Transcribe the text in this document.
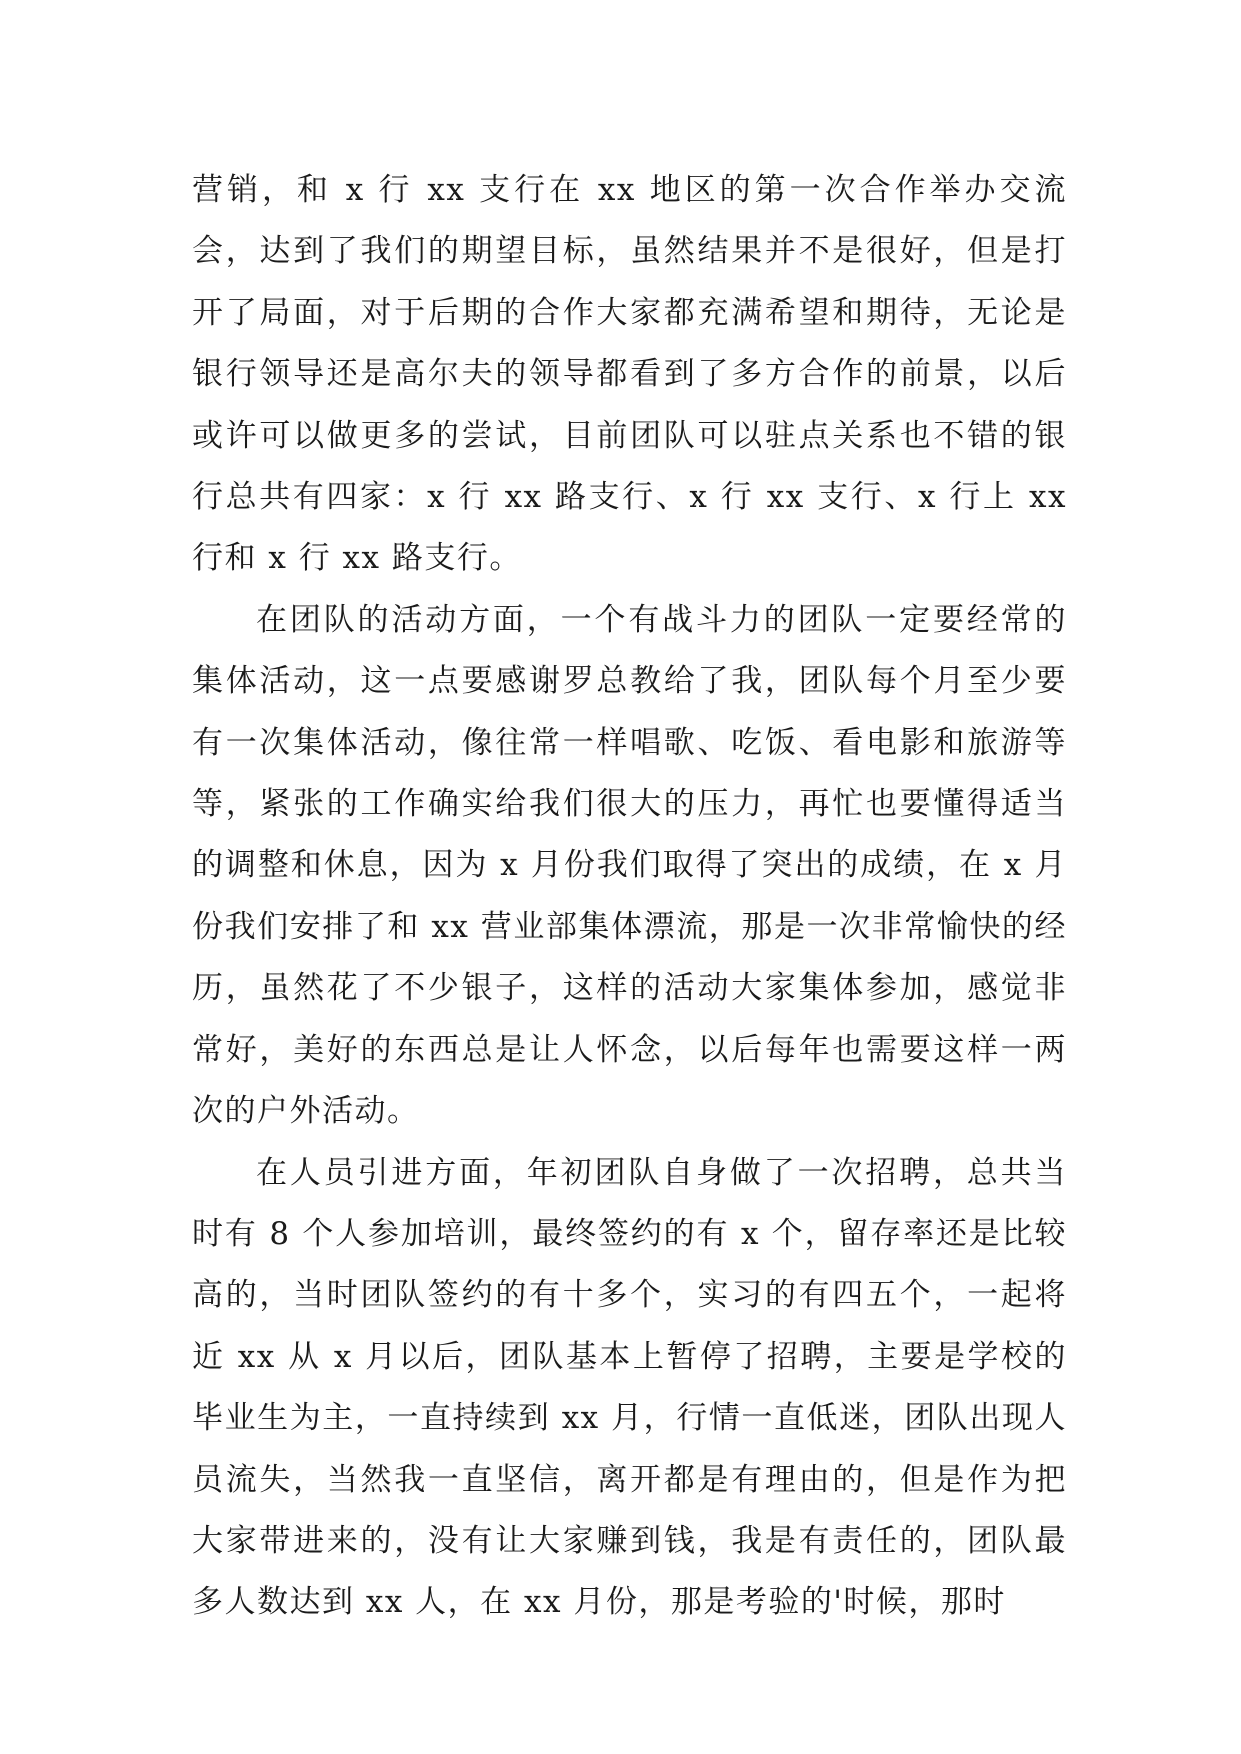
营销，和 x 行 xx 支行在 xx 地区的第一次合作举办交流会，达到了我们的期望目标，虽然结果并不是很好，但是打开了局面，对于后期的合作大家都充满希望和期待，无论是银行领导还是高尔夫的领导都看到了多方合作的前景，以后或许可以做更多的尝试，目前团队可以驻点关系也不错的银行总共有四家：x 行 xx 路支行、x 行 xx 支行、x 行上 xx 行和 x 行 xx 路支行。

在团队的活动方面，一个有战斗力的团队一定要经常的集体活动，这一点要感谢罗总教给了我，团队每个月至少要有一次集体活动，像往常一样唱歌、吃饭、看电影和旅游等等，紧张的工作确实给我们很大的压力，再忙也要懂得适当的调整和休息，因为 x 月份我们取得了突出的成绩，在 x 月份我们安排了和 xx 营业部集体漂流，那是一次非常愉快的经历，虽然花了不少银子，这样的活动大家集体参加，感觉非常好，美好的东西总是让人怀念，以后每年也需要这样一两次的户外活动。

在人员引进方面，年初团队自身做了一次招聘，总共当时有 8 个人参加培训，最终签约的有 x 个，留存率还是比较高的，当时团队签约的有十多个，实习的有四五个，一起将近 xx 从 x 月以后，团队基本上暂停了招聘，主要是学校的毕业生为主，一直持续到 xx 月，行情一直低迷，团队出现人员流失，当然我一直坚信，离开都是有理由的，但是作为把大家带进来的，没有让大家赚到钱，我是有责任的，团队最多人数达到 xx 人，在 xx 月份，那是考验的'时候，那时
